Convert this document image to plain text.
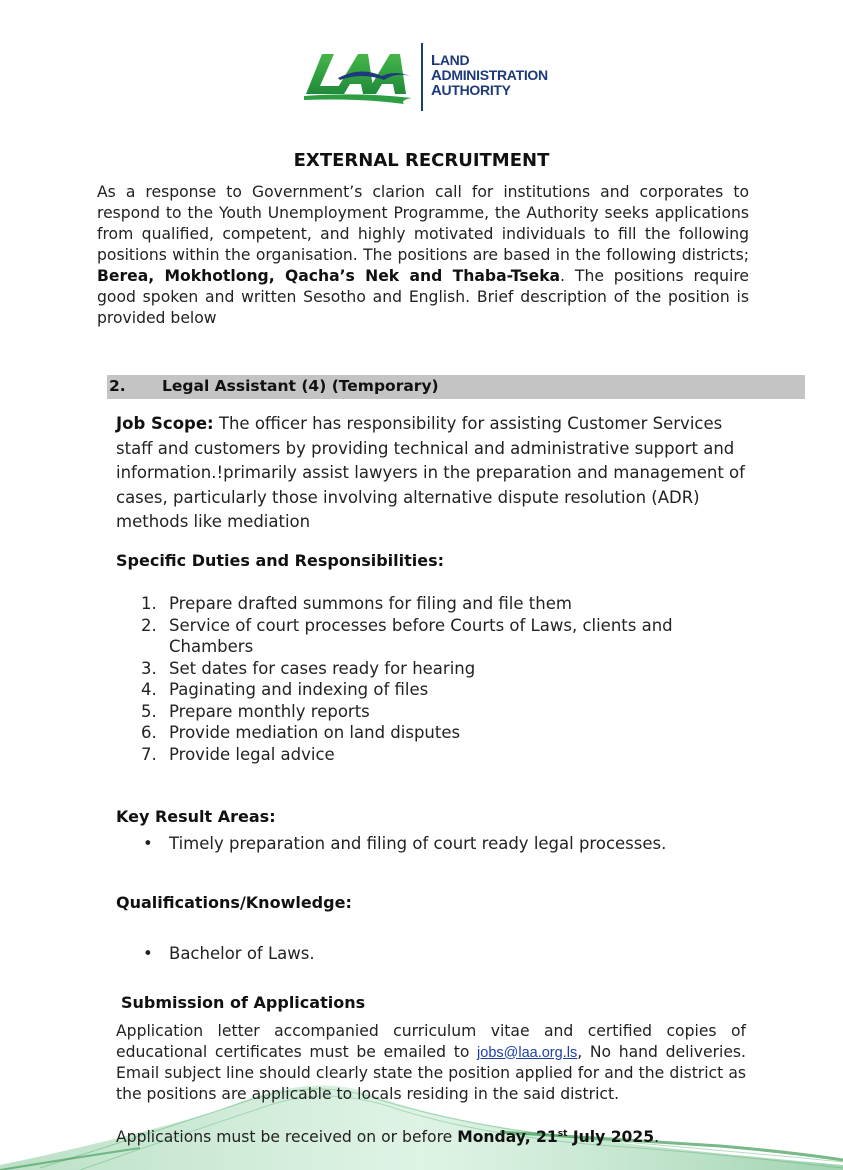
LAND
ADMINISTRATION
AUTHORITY
EXTERNAL RECRUITMENT
As a response to Government’s clarion call for institutions and corporates to respond to the Youth Unemployment Programme, the Authority seeks applications from qualified, competent, and highly motivated individuals to fill the following positions within the organisation. The positions are based in the following districts; Berea, Mokhotlong, Qacha’s Nek and Thaba-Tseka. The positions require good spoken and written Sesotho and English. Brief description of the position is provided below
2. Legal Assistant (4) (Temporary)
Job Scope: The officer has responsibility for assisting Customer Services staff and customers by providing technical and administrative support and information.!primarily assist lawyers in the preparation and management of cases, particularly those involving alternative dispute resolution (ADR) methods like mediation
Specific Duties and Responsibilities:
1. Prepare drafted summons for filing and file them
2. Service of court processes before Courts of Laws, clients and Chambers
3. Set dates for cases ready for hearing
4. Paginating and indexing of files
5. Prepare monthly reports
6. Provide mediation on land disputes
7. Provide legal advice
Key Result Areas:
• Timely preparation and filing of court ready legal processes.
Qualifications/Knowledge:
• Bachelor of Laws.
Submission of Applications
Application letter accompanied curriculum vitae and certified copies of educational certificates must be emailed to jobs@laa.org.ls, No hand deliveries. Email subject line should clearly state the position applied for and the district as the positions are applicable to locals residing in the said district.
Applications must be received on or before Monday, 21st July 2025.
